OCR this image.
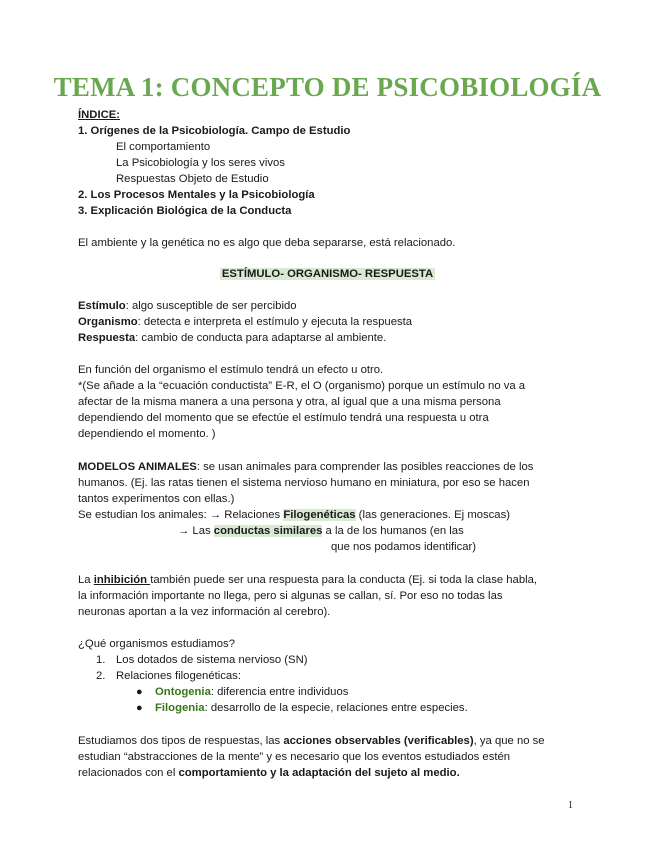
TEMA 1: CONCEPTO DE PSICOBIOLOGÍA
ÍNDICE:
1. Orígenes de la Psicobiología. Campo de Estudio
El comportamiento
La Psicobiología y los seres vivos
Respuestas Objeto de Estudio
2. Los Procesos Mentales y la Psicobiología
3. Explicación Biológica de la Conducta
El ambiente y la genética no es algo que deba separarse, está relacionado.
ESTÍMULO- ORGANISMO- RESPUESTA
Estímulo: algo susceptible de ser percibido
Organismo: detecta e interpreta el estímulo y ejecuta la respuesta
Respuesta: cambio de conducta para adaptarse al ambiente.
En función del organismo el estímulo tendrá un efecto u otro.
*(Se añade a la “ecuación conductista” E-R, el O (organismo) porque un estímulo no va a
afectar de la misma manera a una persona y otra, al igual que a una misma persona
dependiendo del momento que se efectúe el estímulo tendrá una respuesta u otra
dependiendo el momento. )
MODELOS ANIMALES: se usan animales para comprender las posibles reacciones de los
humanos. (Ej. las ratas tienen el sistema nervioso humano en miniatura, por eso se hacen
tantos experimentos con ellas.)
Se estudian los animales: → Relaciones Filogenéticas (las generaciones. Ej moscas)
→ Las conductas similares a la de los humanos (en las
que nos podamos identificar)
La inhibición también puede ser una respuesta para la conducta (Ej. si toda la clase habla,
la información importante no llega, pero si algunas se callan, sí. Por eso no todas las
neuronas aportan a la vez información al cerebro).
¿Qué organismos estudiamos?
1. Los dotados de sistema nervioso (SN)
2. Relaciones filogenéticas:
● Ontogenia: diferencia entre individuos
● Filogenia: desarrollo de la especie, relaciones entre especies.
Estudiamos dos tipos de respuestas, las acciones observables (verificables), ya que no se
estudian “abstracciones de la mente” y es necesario que los eventos estudiados estén
relacionados con el comportamiento y la adaptación del sujeto al medio.
1
